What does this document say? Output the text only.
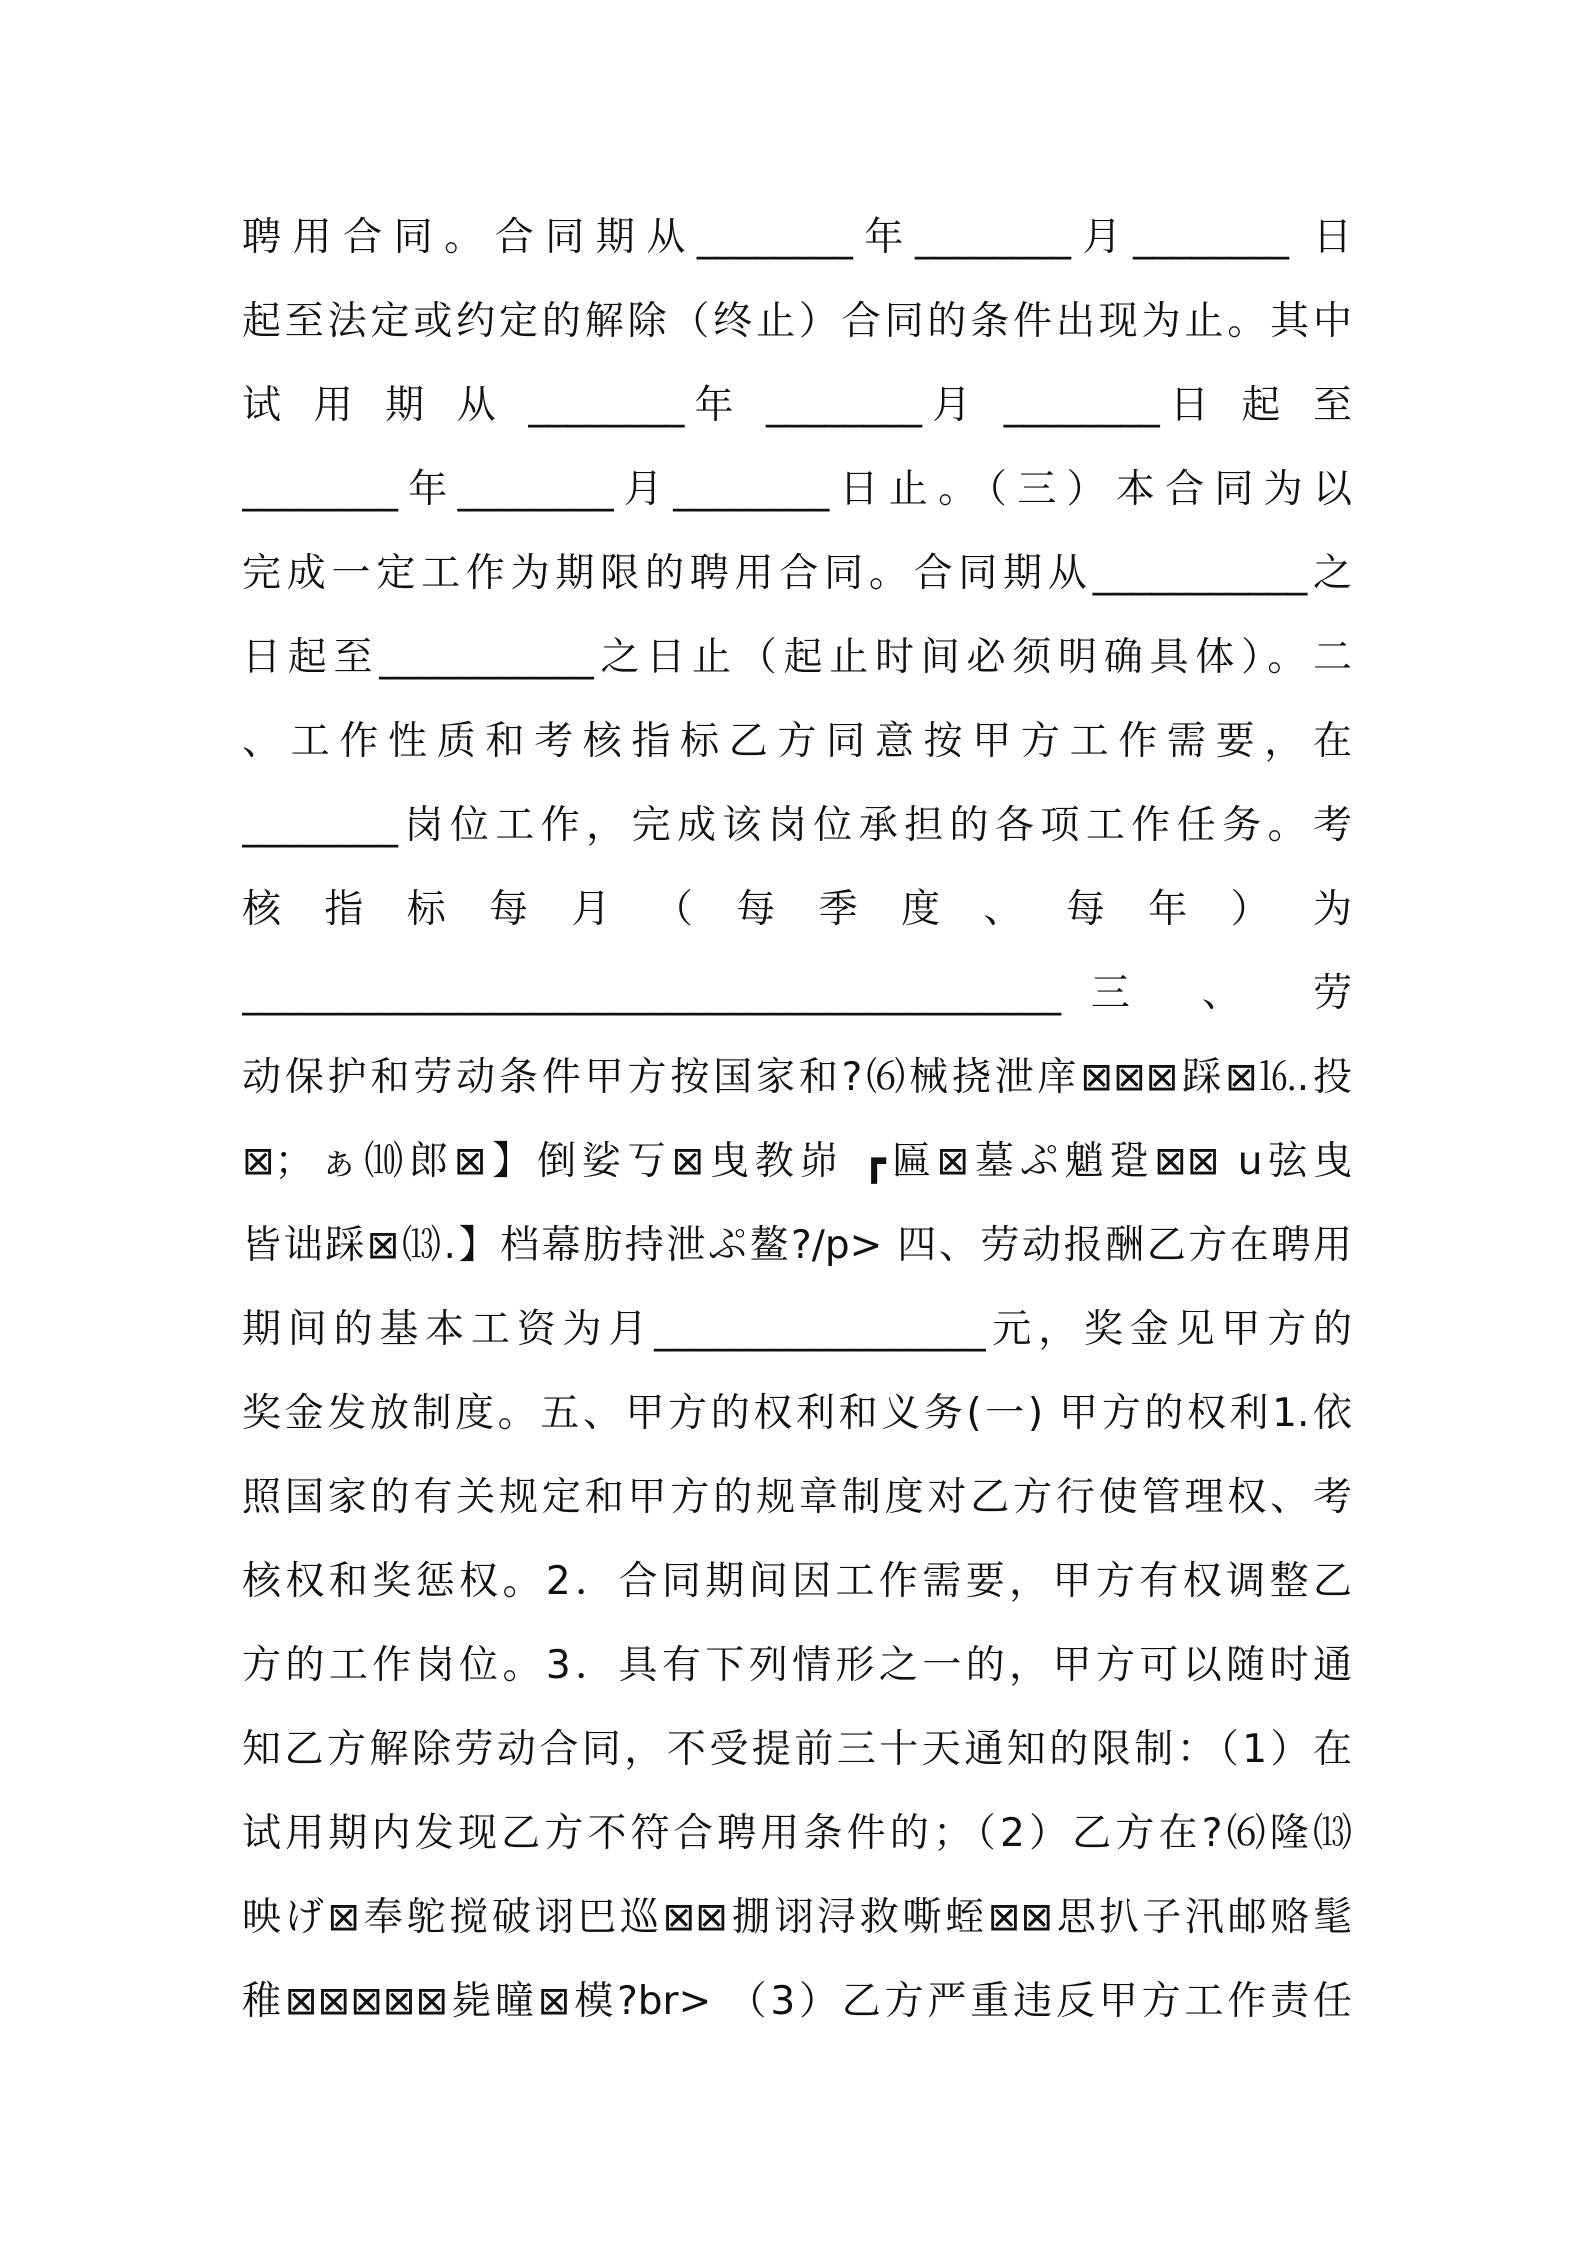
聘用合同。合同期从________年________月________ 日
起至法定或约定的解除（终止）合同的条件出现为止。其中
试 用 期 从 ________年 ________月 ________日 起 至
________年________月________日止。（三）本合同为以
完成一定工作为期限的聘用合同。合同期从___________之
日起至___________之日止（起止时间必须明确具体）。二
、工作性质和考核指标乙方同意按甲方工作需要，在
________岗位工作，完成该岗位承担的各项工作任务。考
核 指 标 每 月 （ 每 季 度 、 每 年 ） 为
__________________________________________三 、 劳
动保护和劳动条件甲方按国家和?⑹械挠泄庠⊠⊠⊠踩⊠⒗.投
⊠；ぁ⑽郎⊠】倒娑丂⊠曳教峁 ┏匾⊠墓ぷ魈跫⊠⊠ u弦曳
皆诎踩⊠⒀.】档幕肪持泄ぷ鳌?/p> 四、劳动报酬乙方在聘用
期间的基本工资为月_________________元，奖金见甲方的
奖金发放制度。五、甲方的权利和义务(一) 甲方的权利1.依
照国家的有关规定和甲方的规章制度对乙方行使管理权、考
核权和奖惩权。2．合同期间因工作需要，甲方有权调整乙
方的工作岗位。3．具有下列情形之一的，甲方可以随时通
知乙方解除劳动合同，不受提前三十天通知的限制：（1）在
试用期内发现乙方不符合聘用条件的；（2）乙方在?⑹隆⒀
映げ⊠奉鸵搅破诩巴巡⊠⊠掤诩浔救嘶蛭⊠⊠思扒子汛邮赂髦
稚⊠⊠⊠⊠⊠毙曈⊠模?br> （3）乙方严重违反甲方工作责任
